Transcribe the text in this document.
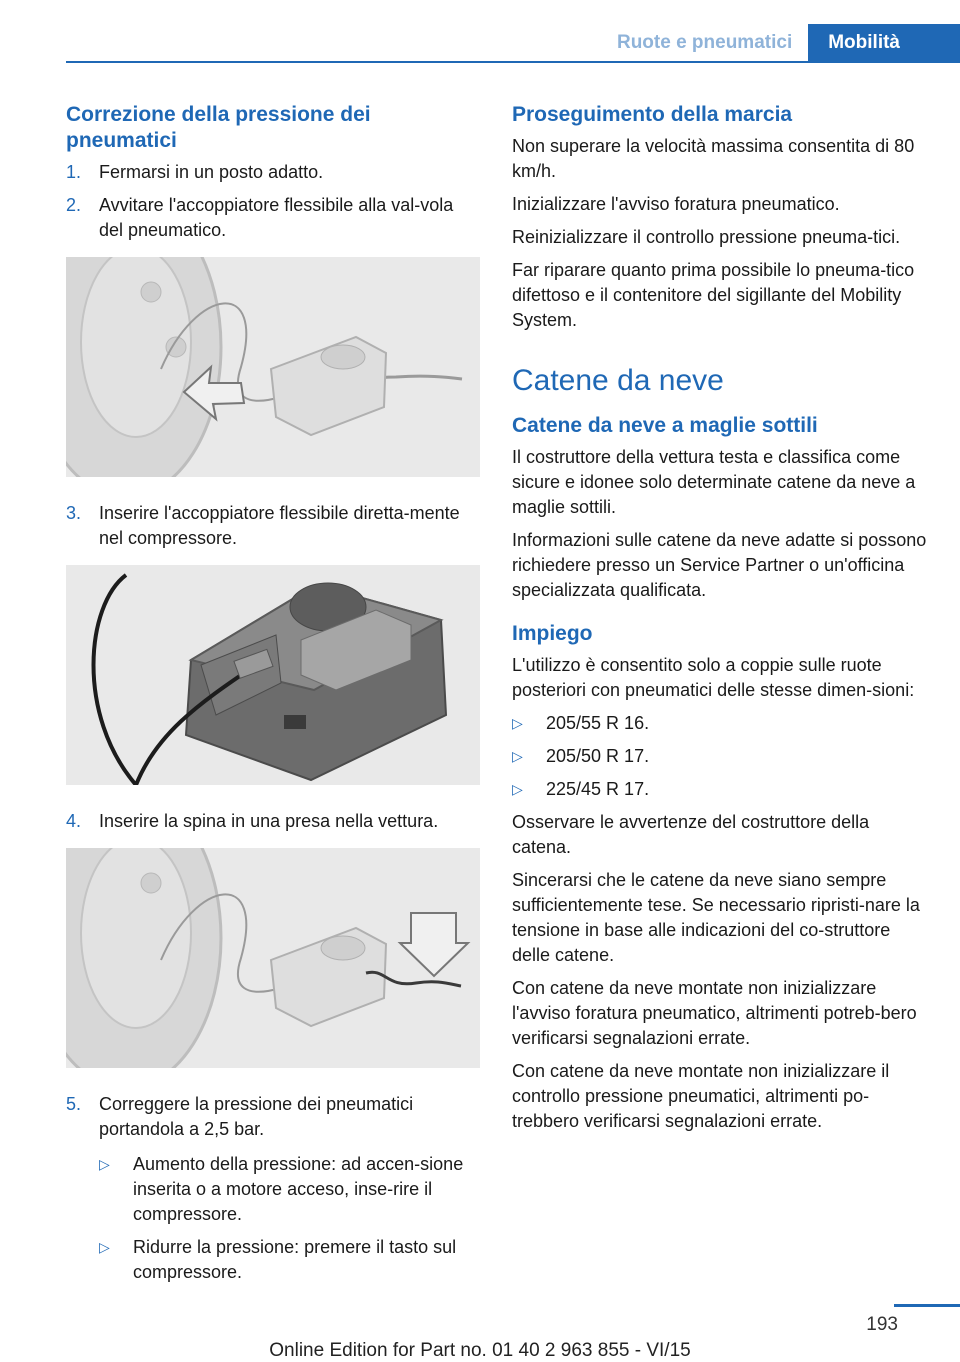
Ruote e pneumatici	Mobilità
Correzione della pressione dei pneumatici
1. Fermarsi in un posto adatto.
2. Avvitare l'accoppiatore flessibile alla val‐vola del pneumatico.
3. Inserire l'accoppiatore flessibile diretta‐mente nel compressore.
4. Inserire la spina in una presa nella vettura.
5. Correggere la pressione dei pneumatici portandola a 2,5 bar.
▷ Aumento della pressione: ad accen‐sione inserita o a motore acceso, inse‐rire il compressore.
▷ Ridurre la pressione: premere il tasto sul compressore.
Proseguimento della marcia

Non superare la velocità massima consentita di 80 km/h.

Inizializzare l'avviso foratura pneumatico.

Reinizializzare il controllo pressione pneuma‐tici.

Far riparare quanto prima possibile lo pneuma‐tico difettoso e il contenitore del sigillante del Mobility System.

Catene da neve
Catene da neve a maglie sottili

Il costruttore della vettura testa e classifica come sicure e idonee solo determinate catene da neve a maglie sottili.

Informazioni sulle catene da neve adatte si possono richiedere presso un Service Partner o un'officina specializzata qualificata.

Impiego

L'utilizzo è consentito solo a coppie sulle ruote posteriori con pneumatici delle stesse dimen‐sioni:

▷ 205/55 R 16.
▷ 205/50 R 17.
▷ 225/45 R 17.

Osservare le avvertenze del costruttore della catena.

Sincerarsi che le catene da neve siano sempre sufficientemente tese. Se necessario ripristi‐nare la tensione in base alle indicazioni del co‐struttore delle catene.

Con catene da neve montate non inizializzare l'avviso foratura pneumatico, altrimenti potreb‐bero verificarsi segnalazioni errate.

Con catene da neve montate non inizializzare il controllo pressione pneumatici, altrimenti po‐trebbero verificarsi segnalazioni errate.

193
Online Edition for Part no. 01 40 2 963 855 - VI/15
